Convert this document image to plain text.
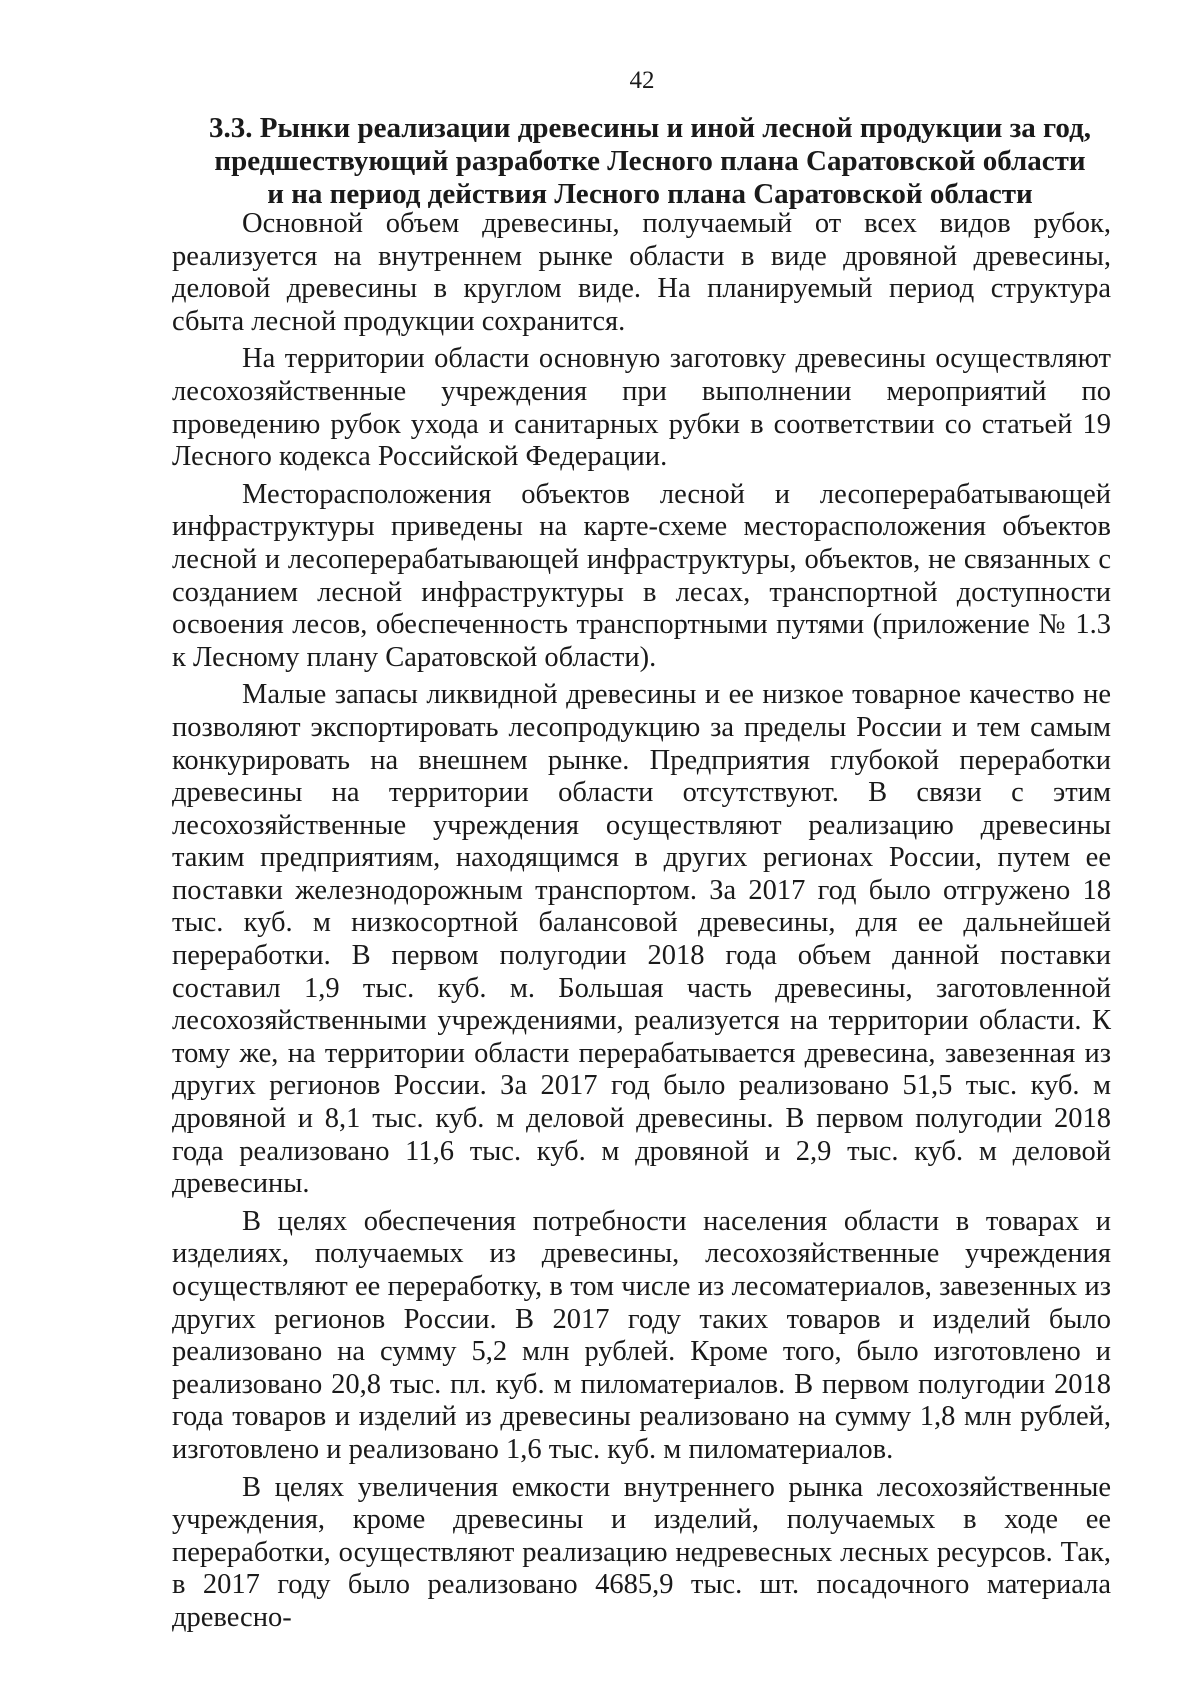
42
3.3. Рынки реализации древесины и иной лесной продукции за год,
предшествующий разработке Лесного плана Саратовской области
и на период действия Лесного плана Саратовской области

Основной объем древесины, получаемый от всех видов рубок, реализуется на внутреннем рынке области в виде дровяной древесины, деловой древесины в круглом виде. На планируемый период структура сбыта лесной продукции сохранится.

На территории области основную заготовку древесины осуществляют лесохозяйственные учреждения при выполнении мероприятий по проведению рубок ухода и санитарных рубки в соответствии со статьей 19 Лесного кодекса Российской Федерации.

Месторасположения объектов лесной и лесоперерабатывающей инфраструктуры приведены на карте-схеме месторасположения объектов лесной и лесоперерабатывающей инфраструктуры, объектов, не связанных с созданием лесной инфраструктуры в лесах, транспортной доступности освоения лесов, обеспеченность транспортными путями (приложение № 1.3 к Лесному плану Саратовской области).

Малые запасы ликвидной древесины и ее низкое товарное качество не позволяют экспортировать лесопродукцию за пределы России и тем самым конкурировать на внешнем рынке. Предприятия глубокой переработки древесины на территории области отсутствуют. В связи с этим лесохозяйственные учреждения осуществляют реализацию древесины таким предприятиям, находящимся в других регионах России, путем ее поставки железнодорожным транспортом. За 2017 год было отгружено 18 тыс. куб. м низкосортной балансовой древесины, для ее дальнейшей переработки. В первом полугодии 2018 года объем данной поставки составил 1,9 тыс. куб. м. Большая часть древесины, заготовленной лесохозяйственными учреждениями, реализуется на территории области. К тому же, на территории области перерабатывается древесина, завезенная из других регионов России. За 2017 год было реализовано 51,5 тыс. куб. м дровяной и 8,1 тыс. куб. м деловой древесины. В первом полугодии 2018 года реализовано 11,6 тыс. куб. м дровяной и 2,9 тыс. куб. м деловой древесины.

В целях обеспечения потребности населения области в товарах и изделиях, получаемых из древесины, лесохозяйственные учреждения осуществляют ее переработку, в том числе из лесоматериалов, завезенных из других регионов России. В 2017 году таких товаров и изделий было реализовано на сумму 5,2 млн рублей. Кроме того, было изготовлено и реализовано 20,8 тыс. пл. куб. м пиломатериалов. В первом полугодии 2018 года товаров и изделий из древесины реализовано на сумму 1,8 млн рублей, изготовлено и реализовано 1,6 тыс. куб. м пиломатериалов.

В целях увеличения емкости внутреннего рынка лесохозяйственные учреждения, кроме древесины и изделий, получаемых в ходе ее переработки, осуществляют реализацию недревесных лесных ресурсов. Так, в 2017 году было реализовано 4685,9 тыс. шт. посадочного материала древесно-
